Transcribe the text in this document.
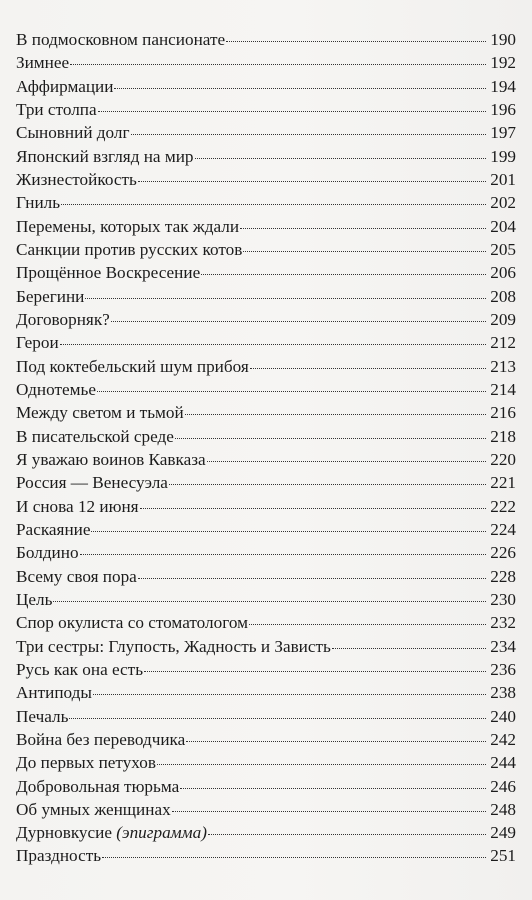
В подмосковном пансионате	190
Зимнее	192
Аффирмации	194
Три столпа	196
Сыновний долг	197
Японский взгляд на мир	199
Жизнестойкость	201
Гниль	202
Перемены, которых так ждали	204
Санкции против русских котов	205
Прощённое Воскресение	206
Берегини	208
Договорняк?	209
Герои	212
Под коктебельский шум прибоя	213
Однотемье	214
Между светом и тьмой	216
В писательской среде	218
Я уважаю воинов Кавказа	220
Россия — Венесуэла	221
И снова 12 июня	222
Раскаяние	224
Болдино	226
Всему своя пора	228
Цель	230
Спор окулиста со стоматологом	232
Три сестры: Глупость, Жадность и Зависть	234
Русь как она есть	236
Антиподы	238
Печаль	240
Война без переводчика	242
До первых петухов	244
Добровольная тюрьма	246
Об умных женщинах	248
Дурновкусие (эпиграмма)	249
Праздность	251
